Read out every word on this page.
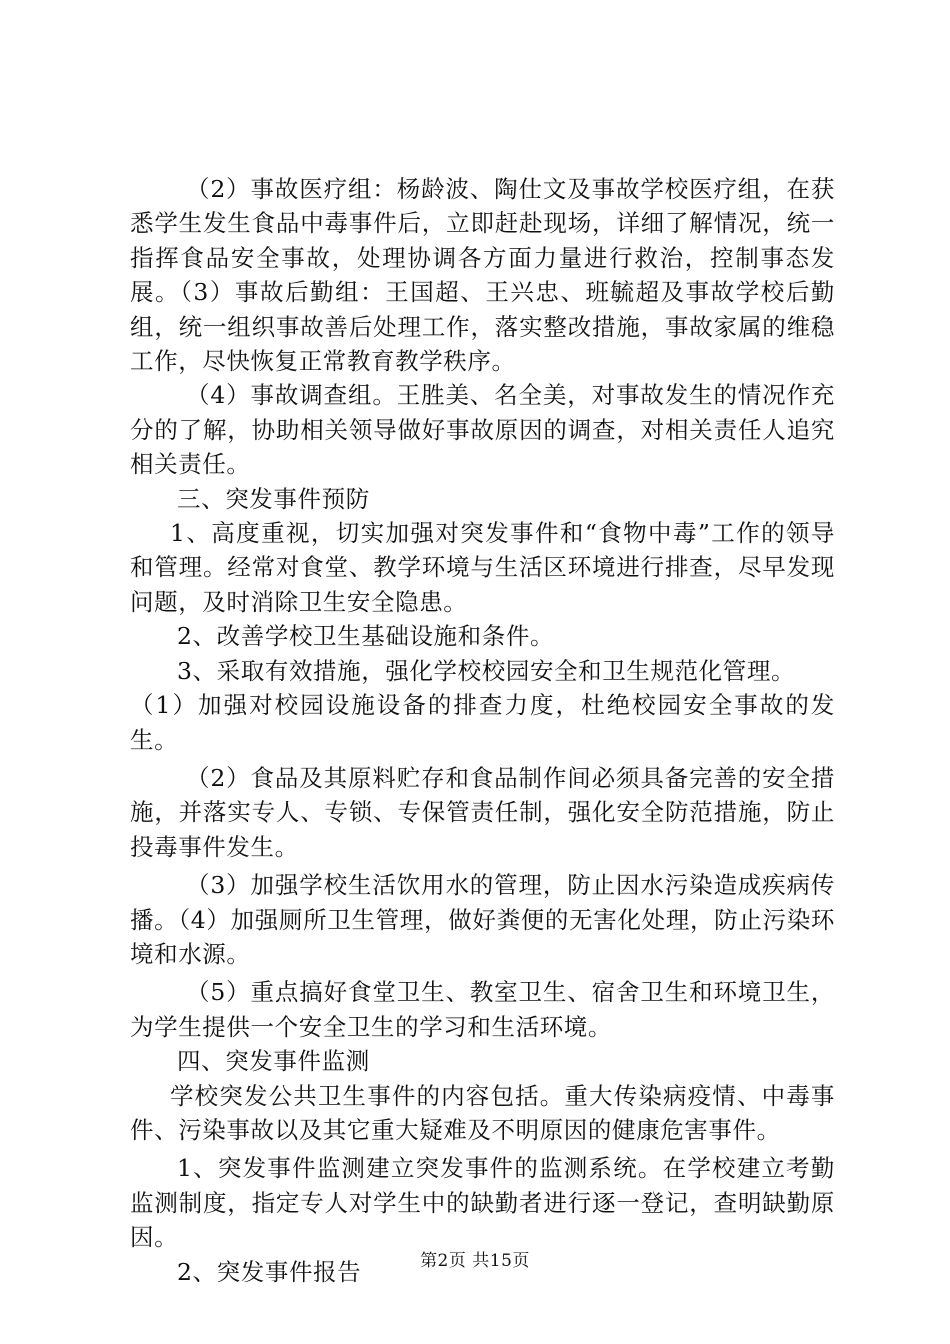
（2）事故医疗组：杨龄波、陶仕文及事故学校医疗组，在获悉学生发生食品中毒事件后，立即赶赴现场，详细了解情况，统一指挥食品安全事故，处理协调各方面力量进行救治，控制事态发展。（3）事故后勤组：王国超、王兴忠、班毓超及事故学校后勤组，统一组织事故善后处理工作，落实整改措施，事故家属的维稳工作，尽快恢复正常教育教学秩序。

（4）事故调查组。王胜美、名全美，对事故发生的情况作充分的了解，协助相关领导做好事故原因的调查，对相关责任人追究相关责任。

三、突发事件预防

1、高度重视，切实加强对突发事件和“食物中毒”工作的领导和管理。经常对食堂、教学环境与生活区环境进行排查，尽早发现问题，及时消除卫生安全隐患。

2、改善学校卫生基础设施和条件。

3、采取有效措施，强化学校校园安全和卫生规范化管理。

（1）加强对校园设施设备的排查力度，杜绝校园安全事故的发生。

（2）食品及其原料贮存和食品制作间必须具备完善的安全措施，并落实专人、专锁、专保管责任制，强化安全防范措施，防止投毒事件发生。

（3）加强学校生活饮用水的管理，防止因水污染造成疾病传播。（4）加强厕所卫生管理，做好粪便的无害化处理，防止污染环境和水源。

（5）重点搞好食堂卫生、教室卫生、宿舍卫生和环境卫生，为学生提供一个安全卫生的学习和生活环境。

四、突发事件监测

学校突发公共卫生事件的内容包括。重大传染病疫情、中毒事件、污染事故以及其它重大疑难及不明原因的健康危害事件。

1、突发事件监测建立突发事件的监测系统。在学校建立考勤监测制度，指定专人对学生中的缺勤者进行逐一登记，查明缺勤原因。

2、突发事件报告	第2页 共15页
